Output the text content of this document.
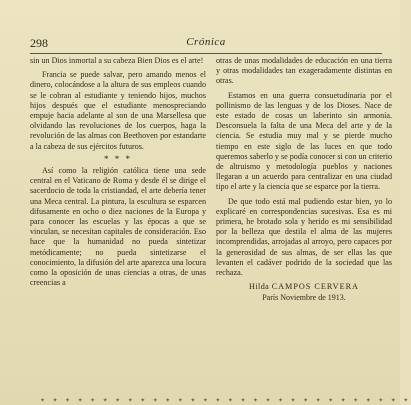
298	Crónica

sin un Dios inmortal a su cabeza Bien Dios es el arte!

Francia se puede salvar, pero amando menos el dinero, colocándose a la altura de sus empleos cuando se le cobran al estudiante y teniendo hijos, muchos hijos después que el estudiante menospreciando empuje hacia adelante al son de una Marsellesa que olvidando las revoluciones de los cuerpos, haga la revolución de las almas con Beethoven por estandarte a la cabeza de sus ejércitos futuros.

* * *

Así como la religión católica tiene una sede central en el Vaticano de Roma y desde él se dirige el sacerdocio de toda la cristiandad, el arte debería tener una Meca central. La pintura, la escultura se esparcen difusamente en ocho o diez naciones de la Europa y para conocer las escuelas y las épocas a que se vinculan, se necesitan capitales de consideración. Eso hace que la humanidad no pueda sintetizar metódicamente; no pueda sintetizarse el conocimiento, la difusión del arte aparezca una locura como la oposición de unas ciencias a otras, de unas creencias a

otras de unas modalidades de educación en una tierra y otras modalidades tan exageradamente distintas en otras.

Estamos en una guerra consuetudinaria por el pollinismo de las lenguas y de los Dioses. Nace de este estado de cosas un laberinto sin armonía. Desconsuela la falta de una Meca del arte y de la ciencia. Se estudia muy mal y se pierde mucho tiempo en este siglo de las luces en que todo queremos saberlo y se podía conocer si con un criterio de altruismo y metodología pueblos y naciones llegaran a un acuerdo para centralizar en una ciudad tipo el arte y la ciencia que se esparce por la tierra.

De que todo está mal pudiendo estar bien, yo lo explicaré en correspondencias sucesivas. Esa es mi primera, he brotado sola y herido es mi sensibilidad por la belleza que destila el alma de las mujeres incomprendidas, arrojadas al arroyo, pero capaces por la generosidad de sus almas, de ser ellas las que levanten el cadáver podrido de la sociedad que las rechaza.

Hilda CAMPOS CERVERA
París Noviembre de 1913.
✦ ✦ ✦ ✦ ✦ ✦ ✦ ✦ ✦ ✦ ✦ ✦ ✦ ✦ ✦ ✦ ✦ ✦ ✦ ✦ ✦ ✦ ✦ ✦ ✦ ✦ ✦ ✦ ✦ ✦
